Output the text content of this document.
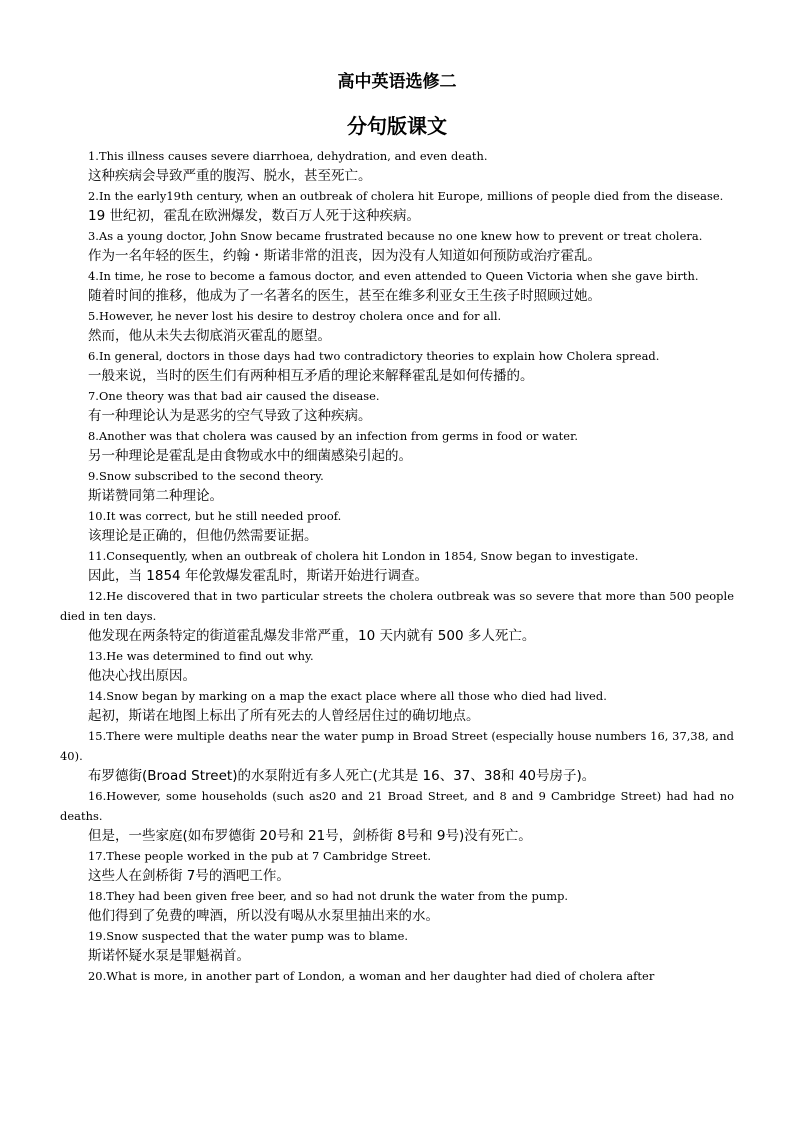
高中英语选修二
分句版课文

1.This illness causes severe diarrhoea, dehydration, and even death.

这种疾病会导致严重的腹泻、脱水，甚至死亡。

2.In the early19th century, when an outbreak of cholera hit Europe, millions of people died from the disease.

19 世纪初，霍乱在欧洲爆发，数百万人死于这种疾病。

3.As a young doctor, John Snow became frustrated because no one knew how to prevent or treat cholera.

作为一名年轻的医生，约翰・斯诺非常的沮丧，因为没有人知道如何预防或治疗霍乱。

4.In time, he rose to become a famous doctor, and even attended to Queen Victoria when she gave birth.

随着时间的推移，他成为了一名著名的医生，甚至在维多利亚女王生孩子时照顾过她。

5.However, he never lost his desire to destroy cholera once and for all.

然而，他从未失去彻底消灭霍乱的愿望。

6.In general, doctors in those days had two contradictory theories to explain how Cholera spread.

一般来说，当时的医生们有两种相互矛盾的理论来解释霍乱是如何传播的。

7.One theory was that bad air caused the disease.

有一种理论认为是恶劣的空气导致了这种疾病。

8.Another was that cholera was caused by an infection from germs in food or water.

另一种理论是霍乱是由食物或水中的细菌感染引起的。

9.Snow subscribed to the second theory.

斯诺赞同第二种理论。

10.It was correct, but he still needed proof.

该理论是正确的，但他仍然需要证据。

11.Consequently, when an outbreak of cholera hit London in 1854, Snow began to investigate.

因此，当 1854 年伦敦爆发霍乱时，斯诺开始进行调查。

12.He discovered that in two particular streets the cholera outbreak was so severe that more than 500 people died in ten days.

他发现在两条特定的街道霍乱爆发非常严重，10 天内就有 500 多人死亡。

13.He was determined to find out why.

他决心找出原因。

14.Snow began by marking on a map the exact place where all those who died had lived.

起初，斯诺在地图上标出了所有死去的人曾经居住过的确切地点。

15.There were multiple deaths near the water pump in Broad Street (especially house numbers 16, 37,38, and 40).

布罗德街(Broad Street)的水泵附近有多人死亡(尤其是 16、37、38和 40号房子)。

16.However, some households (such as20 and 21 Broad Street, and 8 and 9 Cambridge Street) had had no deaths.

但是，一些家庭(如布罗德街 20号和 21号，剑桥街 8号和 9号)没有死亡。

17.These people worked in the pub at 7 Cambridge Street.

这些人在剑桥街 7号的酒吧工作。

18.They had been given free beer, and so had not drunk the water from the pump.

他们得到了免费的啤酒，所以没有喝从水泵里抽出来的水。

19.Snow suspected that the water pump was to blame.

斯诺怀疑水泵是罪魁祸首。

20.What is more, in another part of London, a woman and her daughter had died of cholera after
